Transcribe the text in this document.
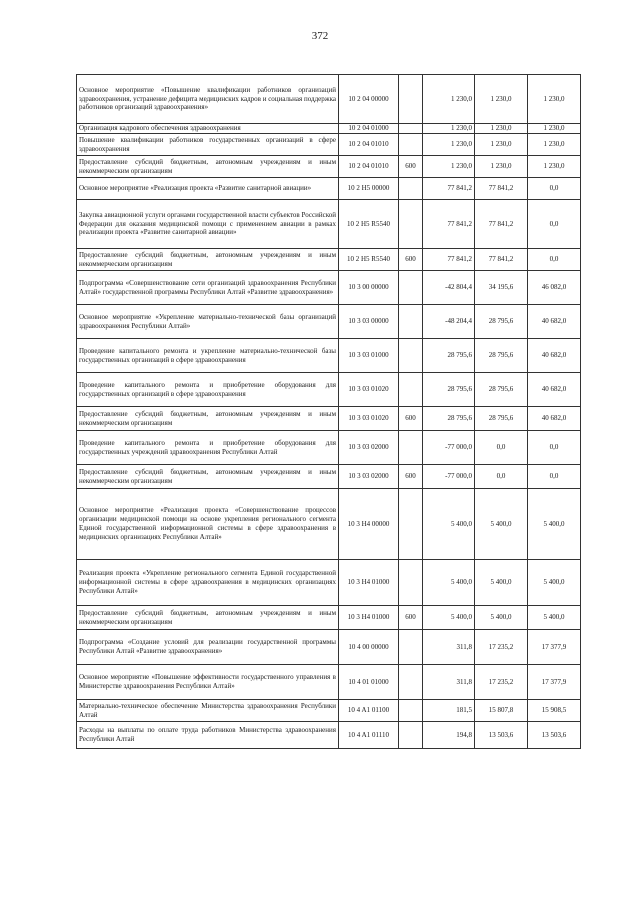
372
Основное мероприятие «Повышение квалификации работников организаций здравоохранения, устранение дефицита медицинских кадров и социальная поддержка работников организаций здравоохранения»	10 2 04 00000		1 230,0	1 230,0	1 230,0
Организация кадрового обеспечения здравоохранения	10 2 04 01000		1 230,0	1 230,0	1 230,0
Повышение квалификации работников государственных организаций в сфере здравоохранения	10 2 04 01010		1 230,0	1 230,0	1 230,0
Предоставление субсидий бюджетным, автономным учреждениям и иным некоммерческим организациям	10 2 04 01010	600	1 230,0	1 230,0	1 230,0
Основное мероприятие «Реализация проекта «Развитие санитарной авиации»	10 2 H5 00000		77 841,2	77 841,2	0,0
Закупка авиационной услуги органами государственной власти субъектов Российской Федерации для оказания медицинской помощи с применением авиации в рамках реализации проекта «Развитие санитарной авиации»	10 2 H5 R5540		77 841,2	77 841,2	0,0
Предоставление субсидий бюджетным, автономным учреждениям и иным некоммерческим организациям	10 2 H5 R5540	600	77 841,2	77 841,2	0,0
Подпрограмма «Совершенствование сети организаций здравоохранения Республики Алтай» государственной программы Республики Алтай «Развитие здравоохранения»	10 3 00 00000		-42 804,4	34 195,6	46 082,0
Основное мероприятие «Укрепление материально-технической базы организаций здравоохранения Республики Алтай»	10 3 03 00000		-48 204,4	28 795,6	40 682,0
Проведение капитального ремонта и укрепление материально-технической базы государственных организаций в сфере здравоохранения	10 3 03 01000		28 795,6	28 795,6	40 682,0
Проведение капитального ремонта и приобретение оборудования для государственных организаций в сфере здравоохранения	10 3 03 01020		28 795,6	28 795,6	40 682,0
Предоставление субсидий бюджетным, автономным учреждениям и иным некоммерческим организациям	10 3 03 01020	600	28 795,6	28 795,6	40 682,0
Проведение капитального ремонта и приобретение оборудования для государственных учреждений здравоохранения Республики Алтай	10 3 03 02000		-77 000,0	0,0	0,0
Предоставление субсидий бюджетным, автономным учреждениям и иным некоммерческим организациям	10 3 03 02000	600	-77 000,0	0,0	0,0
Основное мероприятие «Реализация проекта «Совершенствование процессов организации медицинской помощи на основе укрепления регионального сегмента Единой государственной информационной системы в сфере здравоохранения в медицинских организациях Республики Алтай»	10 3 H4 00000		5 400,0	5 400,0	5 400,0
Реализация проекта «Укрепление регионального сегмента Единой государственной информационной системы в сфере здравоохранения в медицинских организациях Республики Алтай»	10 3 H4 01000		5 400,0	5 400,0	5 400,0
Предоставление субсидий бюджетным, автономным учреждениям и иным некоммерческим организациям	10 3 H4 01000	600	5 400,0	5 400,0	5 400,0
Подпрограмма «Создание условий для реализации государственной программы Республики Алтай «Развитие здравоохранения»	10 4 00 00000		311,8	17 235,2	17 377,9
Основное мероприятие «Повышение эффективности государственного управления в Министерстве здравоохранения Республики Алтай»	10 4 01 01000		311,8	17 235,2	17 377,9
Материально-техническое обеспечение Министерства здравоохранения Республики Алтай	10 4 A1 01100		181,5	15 807,8	15 908,5
Расходы на выплаты по оплате труда работников Министерства здравоохранения Республики Алтай	10 4 A1 01110		194,8	13 503,6	13 503,6
